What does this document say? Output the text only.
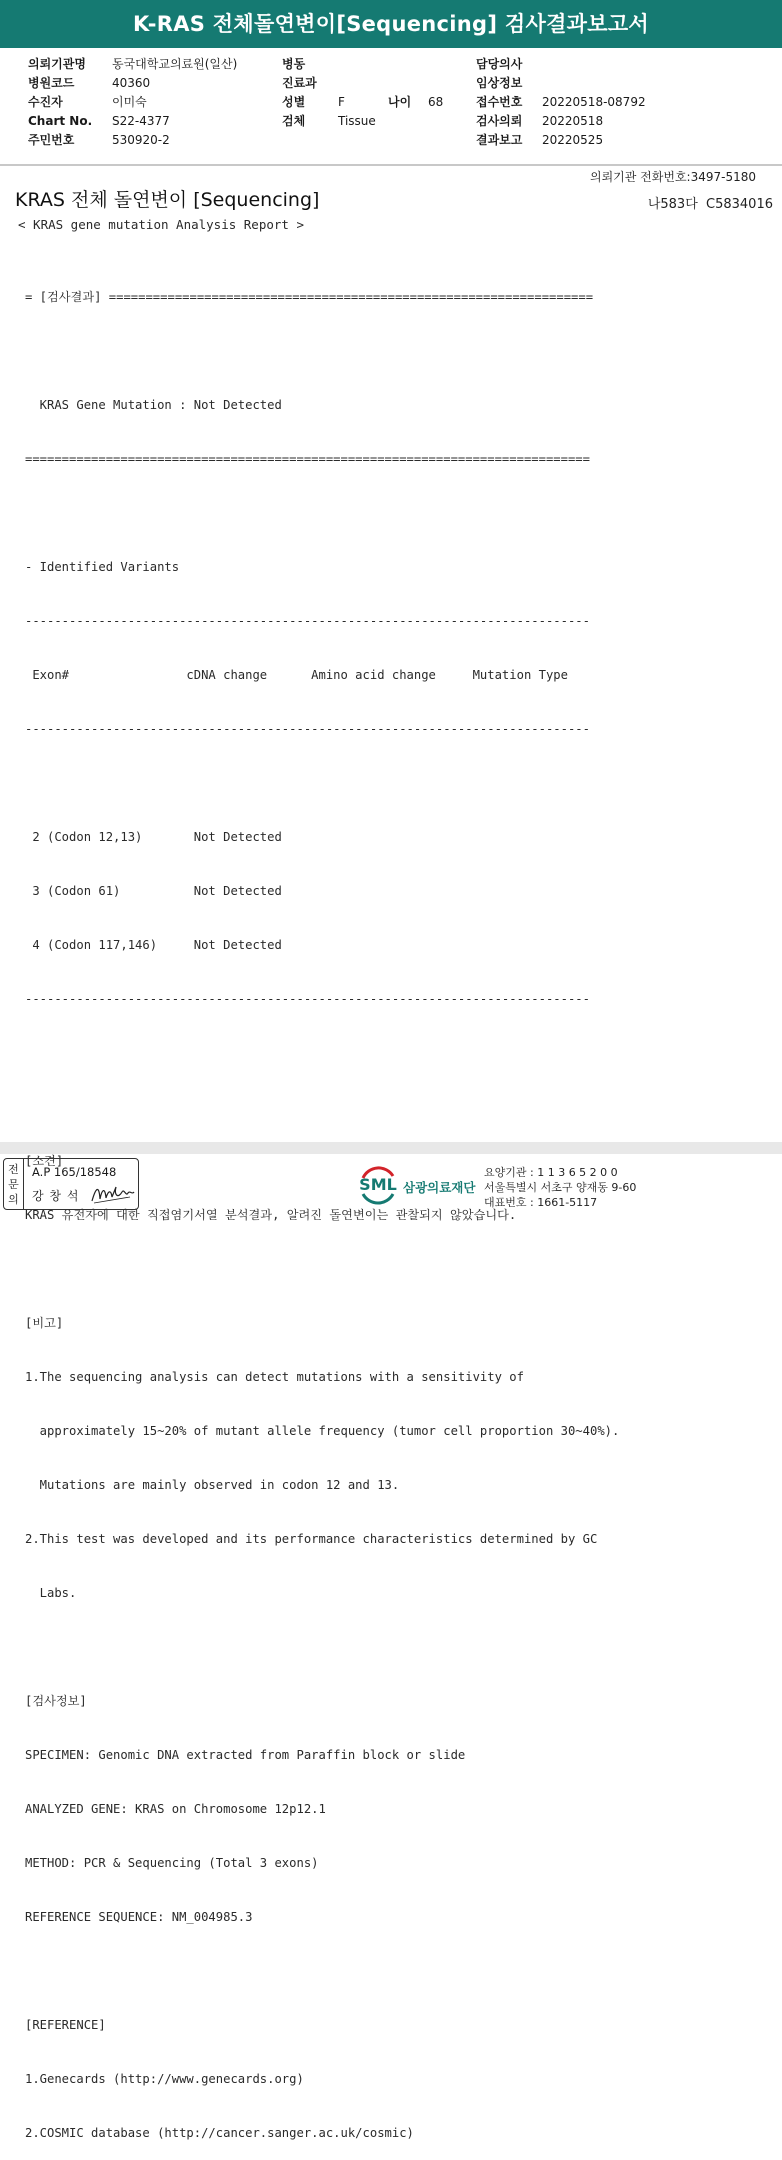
K-RAS 전체돌연변이[Sequencing] 검사결과보고서
의뢰기관명 동국대학교의료원(일산)
병원코드	40360
수진자	이미숙
Chart No. S22-4377
주민번호	530920-2
병동
진료과
성별	F	나이 68
검체	Tissue
담당의사
임상정보
접수번호 20220518-08792
검사의뢰 20220518
결과보고 20220525
의뢰기관 전화번호:3497-5180
KRAS 전체 돌연변이 [Sequencing]	나583다  C5834016
< KRAS gene mutation Analysis Report >

= [검사결과] ==================================================================

KRAS Gene Mutation : Not Detected

=============================================================================

- Identified Variants

-----------------------------------------------------------------------------

Exon#                cDNA change      Amino acid change     Mutation Type

-----------------------------------------------------------------------------

2 (Codon 12,13)       Not Detected

3 (Codon 61)          Not Detected

4 (Codon 117,146)     Not Detected

-----------------------------------------------------------------------------

[소견]

KRAS 유전자에 대한 직접염기서열 분석결과, 알려진 돌연변이는 관찰되지 않았습니다.

[비고]

1.The sequencing analysis can detect mutations with a sensitivity of

approximately 15~20% of mutant allele frequency (tumor cell proportion 30~40%).

Mutations are mainly observed in codon 12 and 13.

2.This test was developed and its performance characteristics determined by GC

Labs.

[검사정보]

SPECIMEN: Genomic DNA extracted from Paraffin block or slide

ANALYZED GENE: KRAS on Chromosome 12p12.1

METHOD: PCR & Sequencing (Total 3 exons)

REFERENCE SEQUENCE: NM_004985.3

[REFERENCE]

1.Genecards (http://www.genecards.org)

2.COSMIC database (http://cancer.sanger.ac.uk/cosmic)

전문의
A.P 165/18548
강 창 석
SML 삼광의료재단
요양기관 : 1 1 3 6 5 2 0 0
서울특별시 서초구 양재동 9-60
대표번호 : 1661-5117
